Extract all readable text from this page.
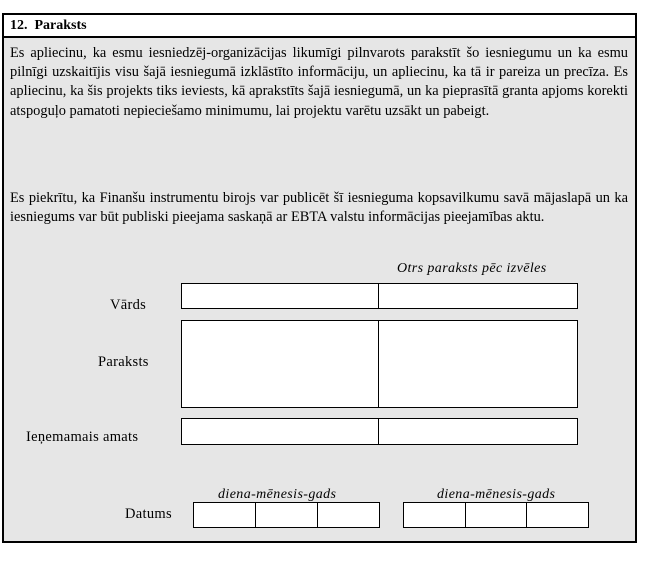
12. Paraksts

Es apliecinu, ka esmu iesniedzēj-organizācijas likumīgi pilnvarots parakstīt šo iesniegumu un ka esmu pilnīgi uzskaitījis visu šajā iesniegumā izklāstīto informāciju, un apliecinu, ka tā ir pareiza un precīza. Es apliecinu, ka šis projekts tiks ieviests, kā aprakstīts šajā iesniegumā, un ka pieprasītā granta apjoms korekti atspoguļo pamatoti nepieciešamo minimumu, lai projektu varētu uzsākt un pabeigt.

Es piekrītu, ka Finanšu instrumentu birojs var publicēt šī iesnieguma kopsavilkumu savā mājaslapā un ka iesniegums var būt publiski pieejama saskaņā ar EBTA valstu informācijas pieejamības aktu.

Otrs paraksts pēc izvēles
Vārds
Paraksts
Ieņemamais amats
diena-mēnesis-gads	diena-mēnesis-gads
Datums
